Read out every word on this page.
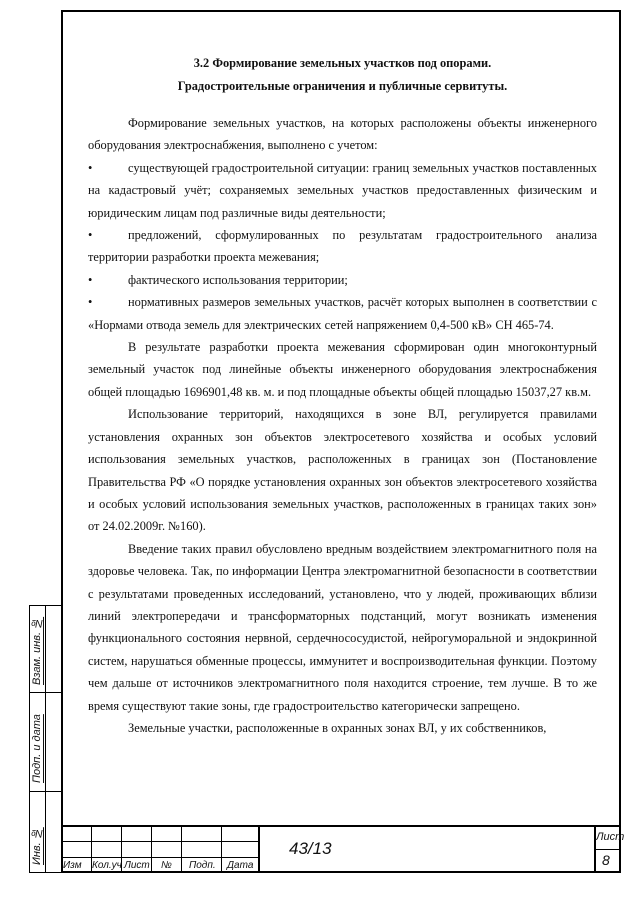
3.2 Формирование земельных участков под опорами.
Градостроительные ограничения и публичные сервитуты.

Формирование земельных участков, на которых расположены объекты инженерного оборудования электроснабжения, выполнено с учетом:

•	существующей градостроительной ситуации: границ земельных участков поставленных на кадастровый учёт; сохраняемых земельных участков предоставленных физическим и юридическим лицам под различные виды деятельности;

•	предложений, сформулированных по результатам градостроительного анализа территории разработки проекта межевания;

•	фактического использования территории;

•	нормативных размеров земельных участков, расчёт которых выполнен в соответствии с «Нормами отвода земель для электрических сетей напряжением 0,4-500 кВ» СН 465-74.

В результате разработки проекта межевания сформирован один многоконтурный земельный участок под линейные объекты инженерного оборудования электроснабжения общей площадью 1696901,48 кв. м. и под площадные объекты общей площадью 15037,27 кв.м.

Использование территорий, находящихся в зоне ВЛ, регулируется правилами установления охранных зон объектов электросетевого хозяйства и особых условий использования земельных участков, расположенных в границах зон (Постановление Правительства РФ «О порядке установления охранных зон объектов электросетевого хозяйства и особых условий использования земельных участков, расположенных в границах таких зон» от 24.02.2009г. №160).

Введение таких правил обусловлено вредным воздействием электромагнитного поля на здоровье человека. Так, по информации Центра электромагнитной безопасности в соответствии с результатами проведенных исследований, установлено, что у людей, проживающих вблизи линий электропередачи и трансформаторных подстанций, могут возникать изменения функционального состояния нервной, сердечнососудистой, нейрогуморальной и эндокринной систем, нарушаться обменные процессы, иммунитет и воспроизводительная функции. Поэтому чем дальше от источников электромагнитного поля находится строение, тем лучше. В то же время существуют такие зоны, где градостроительство категорически запрещено.

Земельные участки, расположенные в охранных зонах ВЛ, у их собственников,

Взам. инв. №
Подп. и дата
Инв. №
Изм Кол.уч Лист № Подп. Дата
43/13
Лист
8
